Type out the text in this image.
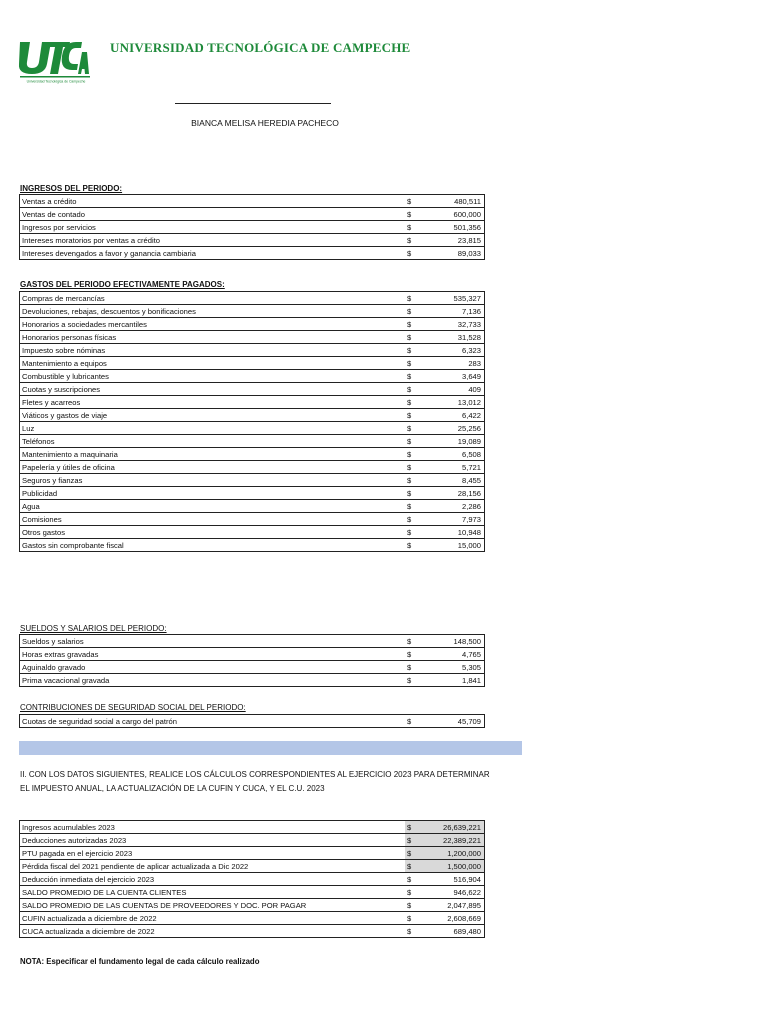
Universidad Tecnológica de Campeche
UNIVERSIDAD TECNOLÓGICA DE CAMPECHE
BIANCA MELISA HEREDIA PACHECO
INGRESOS DEL PERIODO:
Ventas a crédito	$	480,511
Ventas de contado	$	600,000
Ingresos por servicios	$	501,356
Intereses moratorios por ventas a crédito	$	23,815
Intereses devengados a favor y ganancia cambiaria	$	89,033
GASTOS DEL PERIODO EFECTIVAMENTE PAGADOS:
Compras de mercancías	$	535,327
Devoluciones, rebajas, descuentos y bonificaciones	$	7,136
Honorarios a sociedades mercantiles	$	32,733
Honorarios personas físicas	$	31,528
Impuesto sobre nóminas	$	6,323
Mantenimiento a equipos	$	283
Combustible y lubricantes	$	3,649
Cuotas y suscripciones	$	409
Fletes y acarreos	$	13,012
Viáticos y gastos de viaje	$	6,422
Luz	$	25,256
Teléfonos	$	19,089
Mantenimiento a maquinaria	$	6,508
Papelería y útiles de oficina	$	5,721
Seguros y fianzas	$	8,455
Publicidad	$	28,156
Agua	$	2,286
Comisiones	$	7,973
Otros gastos	$	10,948
Gastos sin comprobante fiscal	$	15,000
SUELDOS Y SALARIOS DEL PERIODO:
Sueldos y salarios	$	148,500
Horas extras gravadas	$	4,765
Aguinaldo gravado	$	5,305
Prima vacacional gravada	$	1,841
CONTRIBUCIONES DE SEGURIDAD SOCIAL DEL PERIODO:
Cuotas de seguridad social a cargo del patrón	$	45,709
II. CON LOS DATOS SIGUIENTES, REALICE LOS CÁLCULOS CORRESPONDIENTES AL EJERCICIO 2023 PARA DETERMINAR
EL IMPUESTO ANUAL, LA ACTUALIZACIÓN DE LA CUFIN Y CUCA, Y EL C.U. 2023
Ingresos acumulables 2023	$	26,639,221
Deducciones autorizadas 2023	$	22,389,221
PTU pagada en el ejercicio 2023	$	1,200,000
Pérdida fiscal del 2021 pendiente de aplicar actualizada a Dic 2022	$	1,500,000
Deducción inmediata del ejercicio 2023	$	516,904
SALDO PROMEDIO DE LA CUENTA CLIENTES	$	946,622
SALDO PROMEDIO DE LAS CUENTAS DE PROVEEDORES Y DOC. POR PAGAR	$	2,047,895
CUFIN actualizada a diciembre de 2022	$	2,608,669
CUCA actualizada a diciembre de 2022	$	689,480
NOTA: Especificar el fundamento legal de cada cálculo realizado
